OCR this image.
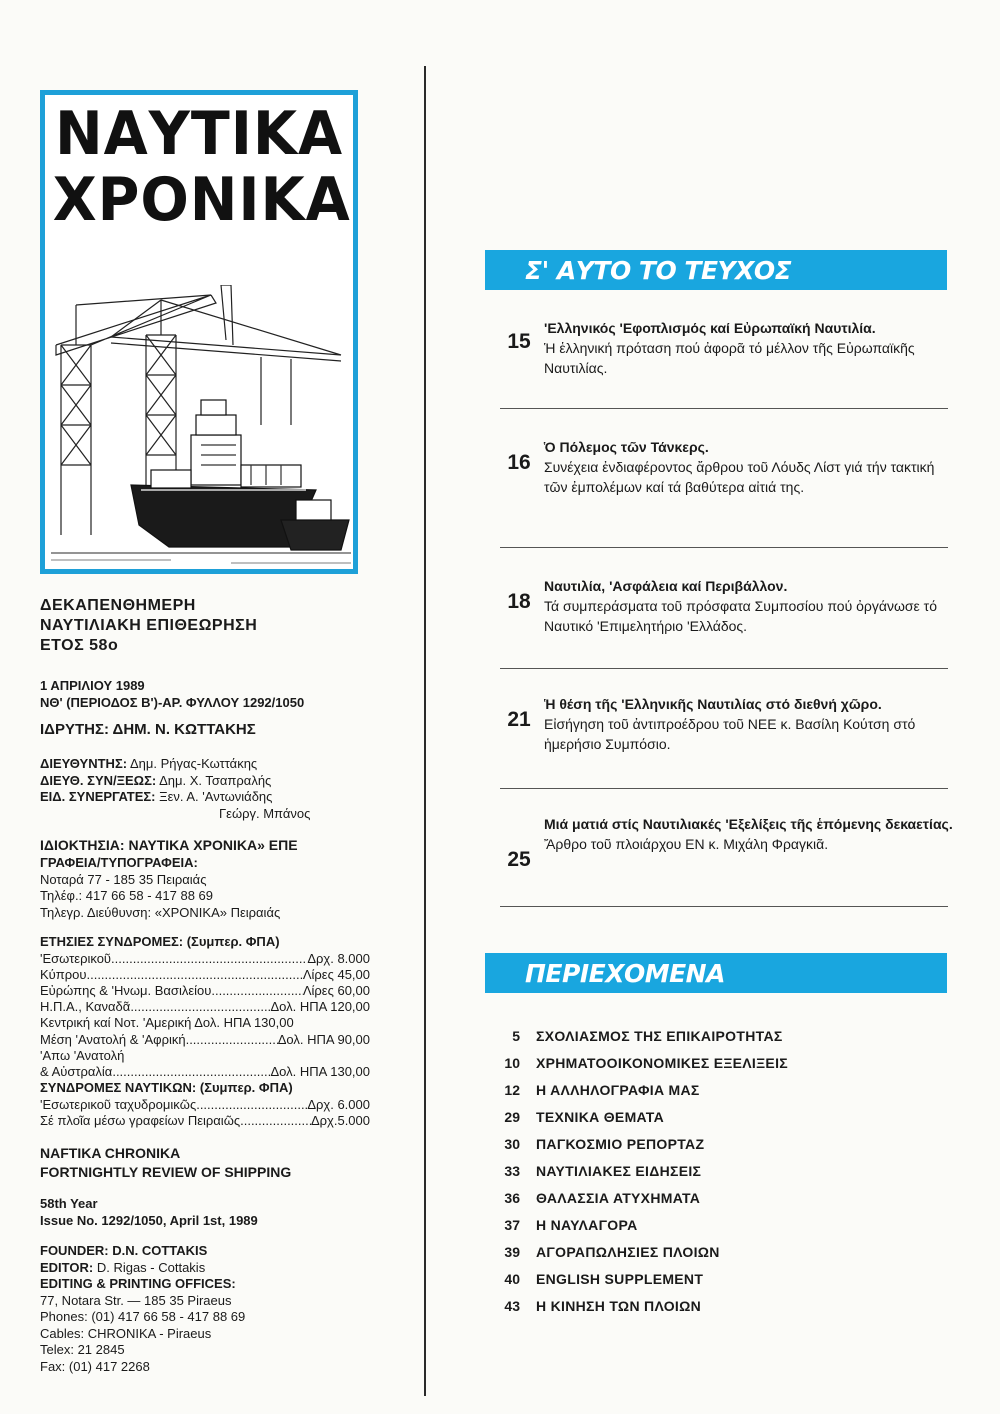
ΝΑΥΤΙΚΑ
ΧΡΟΝΙΚΑ
ΔΕΚΑΠΕΝΘΗΜΕΡΗ
ΝΑΥΤΙΛΙΑΚΗ ΕΠΙΘΕΩΡΗΣΗ
ΕΤΟΣ 58ο
1 ΑΠΡΙΛΙΟΥ 1989
ΝΘ' (ΠΕΡΙΟΔΟΣ Β')-ΑΡ. ΦΥΛΛΟΥ 1292/1050
ΙΔΡΥΤΗΣ: ΔΗΜ. Ν. ΚΩΤΤΑΚΗΣ
ΔΙΕΥΘΥΝΤΗΣ: Δημ. Ρήγας-Κωττάκης
ΔΙΕΥΘ. ΣΥΝ/ΞΕΩΣ: Δημ. Χ. Τσαπραλής
ΕΙΔ. ΣΥΝΕΡΓΑΤΕΣ: Ξεν. Α. 'Αντωνιάδης
Γεώργ. Μπάνος
ΙΔΙΟΚΤΗΣΙΑ: ΝΑΥΤΙΚΑ ΧΡΟΝΙΚΑ» ΕΠΕ
ΓΡΑΦΕΙΑ/ΤΥΠΟΓΡΑΦΕΙΑ:
Νοταρά 77 - 185 35 Πειραιάς
Τηλέφ.: 417 66 58 - 417 88 69
Τηλεγρ. Διεύθυνση: «ΧΡΟΝΙΚΑ» Πειραιάς
ΕΤΗΣΙΕΣ ΣΥΝΔΡΟΜΕΣ: (Συμπερ. ΦΠΑ)
'Εσωτερικοῦ .....	Δρχ. 8.000
Κύπρου .....	Λίρες 45,00
Εὐρώπης & 'Ηνωμ. Βασιλείου .....	Λίρες 60,00
Η.Π.Α., Καναδᾶ .....	Δολ. ΗΠΑ 120,00
Κεντρική καί Νοτ. 'Αμερική Δολ. ΗΠΑ 130,00
Μέση 'Ανατολή & 'Αφρική .....	Δολ. ΗΠΑ 90,00
'Απω 'Ανατολή
& Αὐστραλία .....	Δολ. ΗΠΑ 130,00
ΣΥΝΔΡΟΜΕΣ ΝΑΥΤΙΚΩΝ: (Συμπερ. ΦΠΑ)
'Εσωτερικοῦ ταχυδρομικῶς .....	Δρχ. 6.000
Σέ πλοῖα μέσω γραφείων Πειραιῶς .....	Δρχ.5.000
NAFTIKA CHRONIKA
FORTNIGHTLY REVIEW OF SHIPPING
58th Year
Issue No. 1292/1050, April 1st, 1989
FOUNDER: D.N. COTTAKIS
EDITOR: D. Rigas - Cottakis
EDITING & PRINTING OFFICES:
77, Notara Str. — 185 35 Piraeus
Phones: (01) 417 66 58 - 417 88 69
Cables: CHRONIKA - Piraeus
Telex: 21 2845
Fax: (01) 417 2268
Σ' ΑΥΤΟ ΤΟ ΤΕΥΧΟΣ
15
'Ελληνικός 'Εφοπλισμός καί Εὐρωπαϊκή Ναυτιλία.
Ἡ ἑλληνική πρόταση πού ἀφορᾶ τό μέλλον τῆς Εὐρωπαϊκῆς Ναυτιλίας.
16
Ὁ Πόλεμος τῶν Τάνκερς.
Συνέχεια ἐνδιαφέροντος ἄρθρου τοῦ Λόυδς Λίστ γιά τήν τακτική τῶν ἐμπολέμων καί τά βαθύτερα αἰτιά της.
18
Ναυτιλία, 'Ασφάλεια καί Περιβάλλον.
Τά συμπεράσματα τοῦ πρόσφατα Συμποσίου πού ὀργάνωσε τό Ναυτικό 'Επιμελητήριο 'Ελλάδος.
21
Ἡ θέση τῆς 'Ελληνικῆς Ναυτιλίας στό διεθνή χῶρο.
Εἰσήγηση τοῦ ἀντιπροέδρου τοῦ ΝΕΕ κ. Βασίλη Κούτση στό ἡμερήσιο Συμπόσιο.
25
Μιά ματιά στίς Ναυτιλιακές 'Εξελίξεις τῆς ἑπόμενης δεκαετίας.
Ἄρθρο τοῦ πλοιάρχου ΕΝ κ. Μιχάλη Φραγκιᾶ.
ΠΕΡΙΕΧΟΜΕΝΑ
5 ΣΧΟΛΙΑΣΜΟΣ ΤΗΣ ΕΠΙΚΑΙΡΟΤΗΤΑΣ
10 ΧΡΗΜΑΤΟΟΙΚΟΝΟΜΙΚΕΣ ΕΞΕΛΙΞΕΙΣ
12 Η ΑΛΛΗΛΟΓΡΑΦΙΑ ΜΑΣ
29 ΤΕΧΝΙΚΑ ΘΕΜΑΤΑ
30 ΠΑΓΚΟΣΜΙΟ ΡΕΠΟΡΤΑΖ
33 ΝΑΥΤΙΛΙΑΚΕΣ ΕΙΔΗΣΕΙΣ
36 ΘΑΛΑΣΣΙΑ ΑΤΥΧΗΜΑΤΑ
37 Η ΝΑΥΛΑΓΟΡΑ
39 ΑΓΟΡΑΠΩΛΗΣΙΕΣ ΠΛΟΙΩΝ
40 ENGLISH SUPPLEMENT
43 Η ΚΙΝΗΣΗ ΤΩΝ ΠΛΟΙΩΝ
